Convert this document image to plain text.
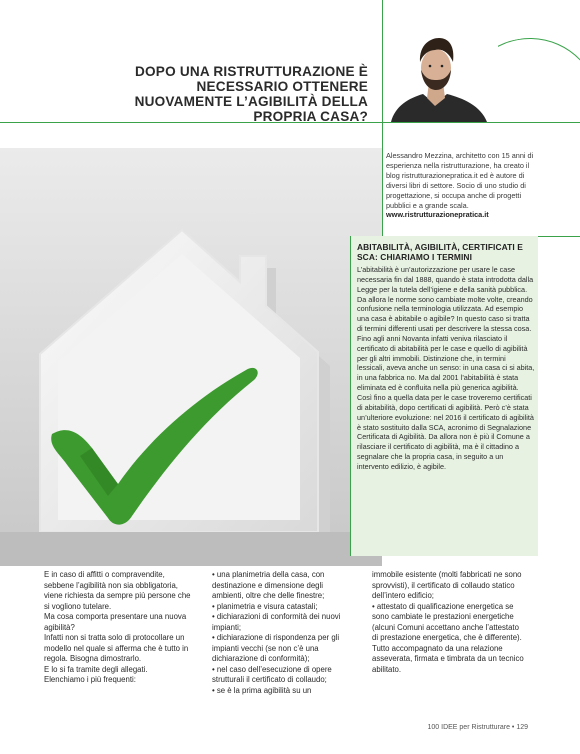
DOPO UNA RISTRUTTURAZIONE È NECESSARIO OTTENERE NUOVAMENTE L’AGIBILITÀ DELLA PROPRIA CASA?

Alessandro Mezzina, architetto con 15 anni di esperienza nella ristrutturazione, ha creato il blog ristrutturazionepratica.it ed è autore di diversi libri di settore. Socio di uno studio di progettazione, si occupa anche di progetti pubblici e a grande scala.

www.ristrutturazionepratica.it

ABITABILITÀ, AGIBILITÀ, CERTIFICATI E SCA: CHIARIAMO I TERMINI

L’abitabilità è un’autorizzazione per usare le case necessaria fin dal 1888, quando è stata introdotta dalla Legge per la tutela dell’igiene e della sanità pubblica. Da allora le norme sono cambiate molte volte, creando confusione nella terminologia utilizzata. Ad esempio una casa è abitabile o agibile? In questo caso si tratta di termini differenti usati per descrivere la stessa cosa. Fino agli anni Novanta infatti veniva rilasciato il certificato di abitabilità per le case e quello di agibilità per gli altri immobili. Distinzione che, in termini lessicali, aveva anche un senso: in una casa ci si abita, in una fabbrica no. Ma dal 2001 l’abitabilità è stata eliminata ed è confluita nella più generica agibilità. Così fino a quella data per le case troveremo certificati di abitabilità, dopo certificati di agibilità. Però c’è stata un’ulteriore evoluzione: nel 2016 il certificato di agibilità è stato sostituito dalla SCA, acronimo di Segnalazione Certificata di Agibilità. Da allora non è più il Comune a rilasciare il certificato di agibilità, ma è il cittadino a segnalare che la propria casa, in seguito a un intervento edilizio, è agibile.

E in caso di affitti o compravendite, sebbene l’agibilità non sia obbligatoria, viene richiesta da sempre più persone che si vogliono tutelare.

Ma cosa comporta presentare una nuova agibilità?

Infatti non si tratta solo di protocollare un modello nel quale si afferma che è tutto in regola. Bisogna dimostrarlo.

E lo si fa tramite degli allegati.

Elenchiamo i più frequenti:

• una planimetria della casa, con destinazione e dimensione degli ambienti, oltre che delle finestre;

• planimetria e visura catastali;

• dichiarazioni di conformità dei nuovi impianti;

• dichiarazione di rispondenza per gli impianti vecchi (se non c’è una dichiarazione di conformità);

• nel caso dell’esecuzione di opere strutturali il certificato di collaudo;

• se è la prima agibilità su un

immobile esistente (molti fabbricati ne sono sprovvisti), il certificato di collaudo statico dell’intero edificio;

• attestato di qualificazione energetica se sono cambiate le prestazioni energetiche (alcuni Comuni accettano anche l’attestato di prestazione energetica, che è differente).

Tutto accompagnato da una relazione asseverata, firmata e timbrata da un tecnico abilitato.

100 IDEE per Ristrutturare • 129
